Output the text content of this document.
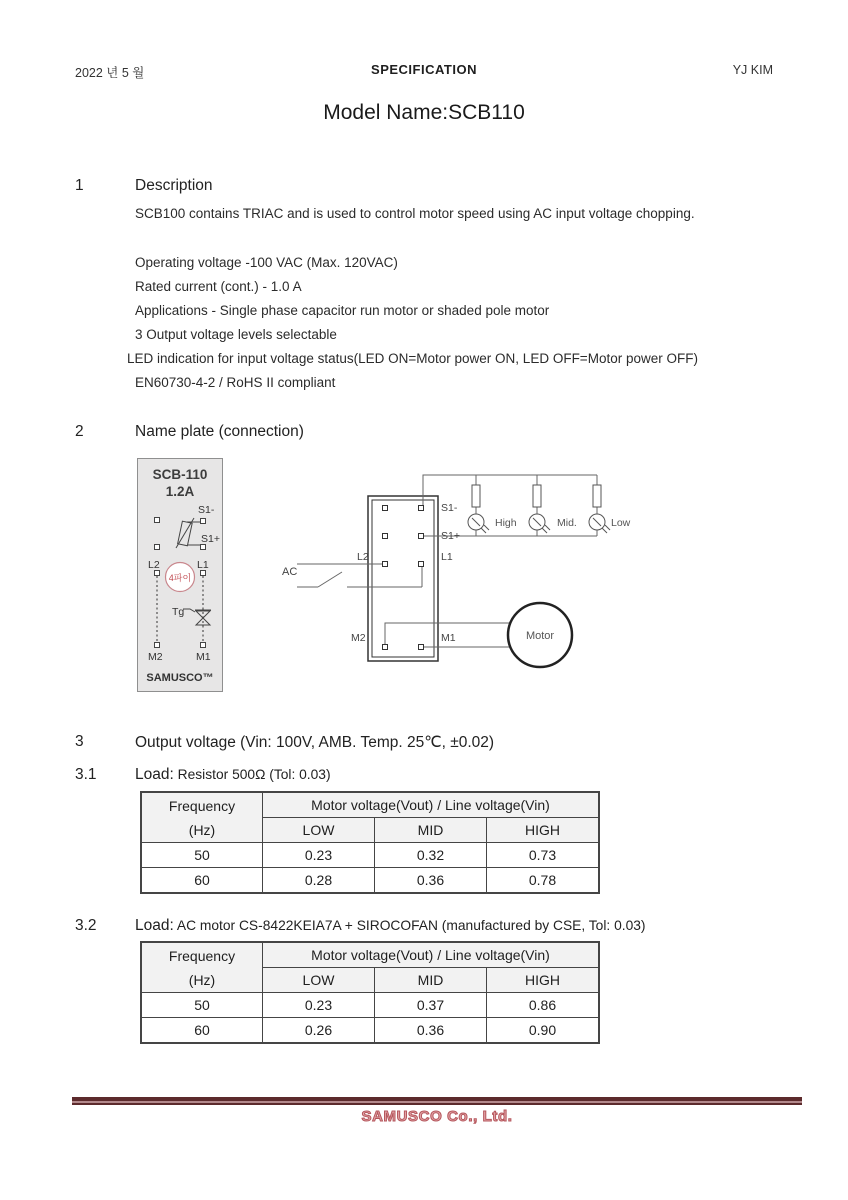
2022 년 5 월	SPECIFICATION	YJ KIM
Model Name:SCB110
1	Description
SCB100 contains TRIAC and is used to control motor speed using AC input voltage chopping.
Operating voltage -100 VAC (Max. 120VAC)
Rated current (cont.) - 1.0 A
Applications - Single phase capacitor run motor or shaded pole motor
3 Output voltage levels selectable
LED indication for input voltage status(LED ON=Motor power ON, LED OFF=Motor power OFF)
EN60730-4-2 / RoHS II compliant
2	Name plate (connection)
SCB-110
1.2A
Tg
S1-
S1+
L2	L1
4파이
M2	M1
SAMUSCO™
Motor
AC
S1-
S1+
L2	L1
M2	M1
High	Mid.	Low
3	Output voltage (Vin: 100V, AMB. Temp. 25℃, ±0.02)
3.1 Load: Resistor 500Ω (Tol: 0.03)
Frequency
(Hz)	Motor voltage(Vout) / Line voltage(Vin)		
	LOW	MID	HIGH
50	0.23	0.32	0.73
60	0.28	0.36	0.78
3.2 Load: AC motor CS-8422KEIA7A + SIROCOFAN (manufactured by CSE, Tol: 0.03)
Frequency
(Hz)	Motor voltage(Vout) / Line voltage(Vin)		
	LOW	MID	HIGH
50	0.23	0.37	0.86
60	0.26	0.36	0.90
SAMUSCO Co., Ltd.
